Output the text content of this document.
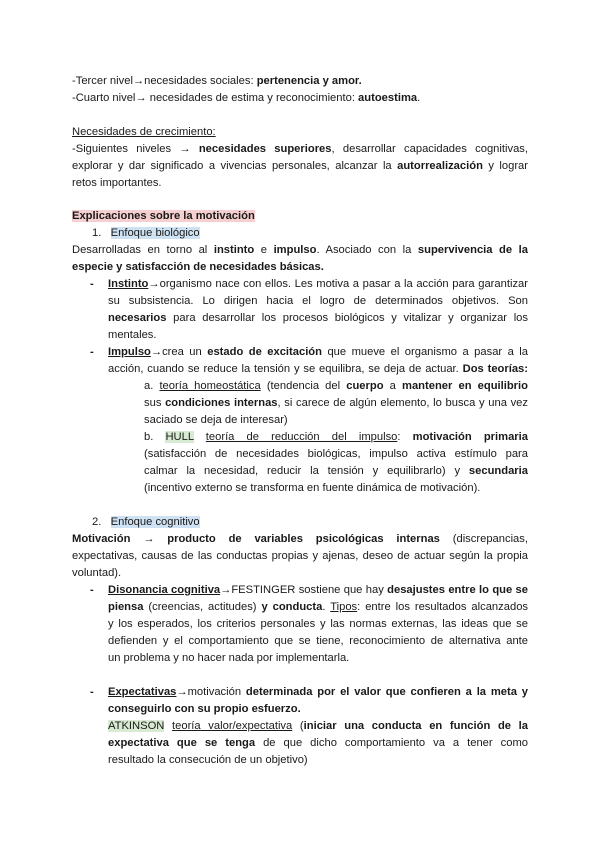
-Tercer nivel→necesidades sociales: pertenencia y amor.
-Cuarto nivel→ necesidades de estima y reconocimiento: autoestima.
Necesidades de crecimiento:
-Siguientes niveles → necesidades superiores, desarrollar capacidades cognitivas,
explorar y dar significado a vivencias personales, alcanzar la autorrealización y lograr
retos importantes.
Explicaciones sobre la motivación
1. Enfoque biológico
Desarrolladas en torno al instinto e impulso. Asociado con la supervivencia de la
especie y satisfacción de necesidades básicas.
- Instinto→organismo nace con ellos. Les motiva a pasar a la acción para garantizar
su subsistencia. Lo dirigen hacia el logro de determinados objetivos. Son
necesarios para desarrollar los procesos biológicos y vitalizar y organizar los
mentales.
- Impulso→crea un estado de excitación que mueve el organismo a pasar a la
acción, cuando se reduce la tensión y se equilibra, se deja de actuar. Dos teorías:
a. teoría homeostática (tendencia del cuerpo a mantener en equilibrio
sus condiciones internas, si carece de algún elemento, lo busca y una vez
saciado se deja de interesar)
b. HULL teoría de reducción del impulso: motivación primaria
(satisfacción de necesidades biológicas, impulso activa estímulo para
calmar la necesidad, reducir la tensión y equilibrarlo) y secundaria
(incentivo externo se transforma en fuente dinámica de motivación).
2. Enfoque cognitivo
Motivación → producto de variables psicológicas internas (discrepancias,
expectativas, causas de las conductas propias y ajenas, deseo de actuar según la propia
voluntad).
- Disonancia cognitiva→FESTINGER sostiene que hay desajustes entre lo que se
piensa (creencias, actitudes) y conducta. Tipos: entre los resultados alcanzados
y los esperados, los criterios personales y las normas externas, las ideas que se
defienden y el comportamiento que se tiene, reconocimiento de alternativa ante
un problema y no hacer nada por implementarla.
- Expectativas→motivación determinada por el valor que confieren a la meta y
conseguirlo con su propio esfuerzo.
ATKINSON teoría valor/expectativa (iniciar una conducta en función de la
expectativa que se tenga de que dicho comportamiento va a tener como
resultado la consecución de un objetivo)
